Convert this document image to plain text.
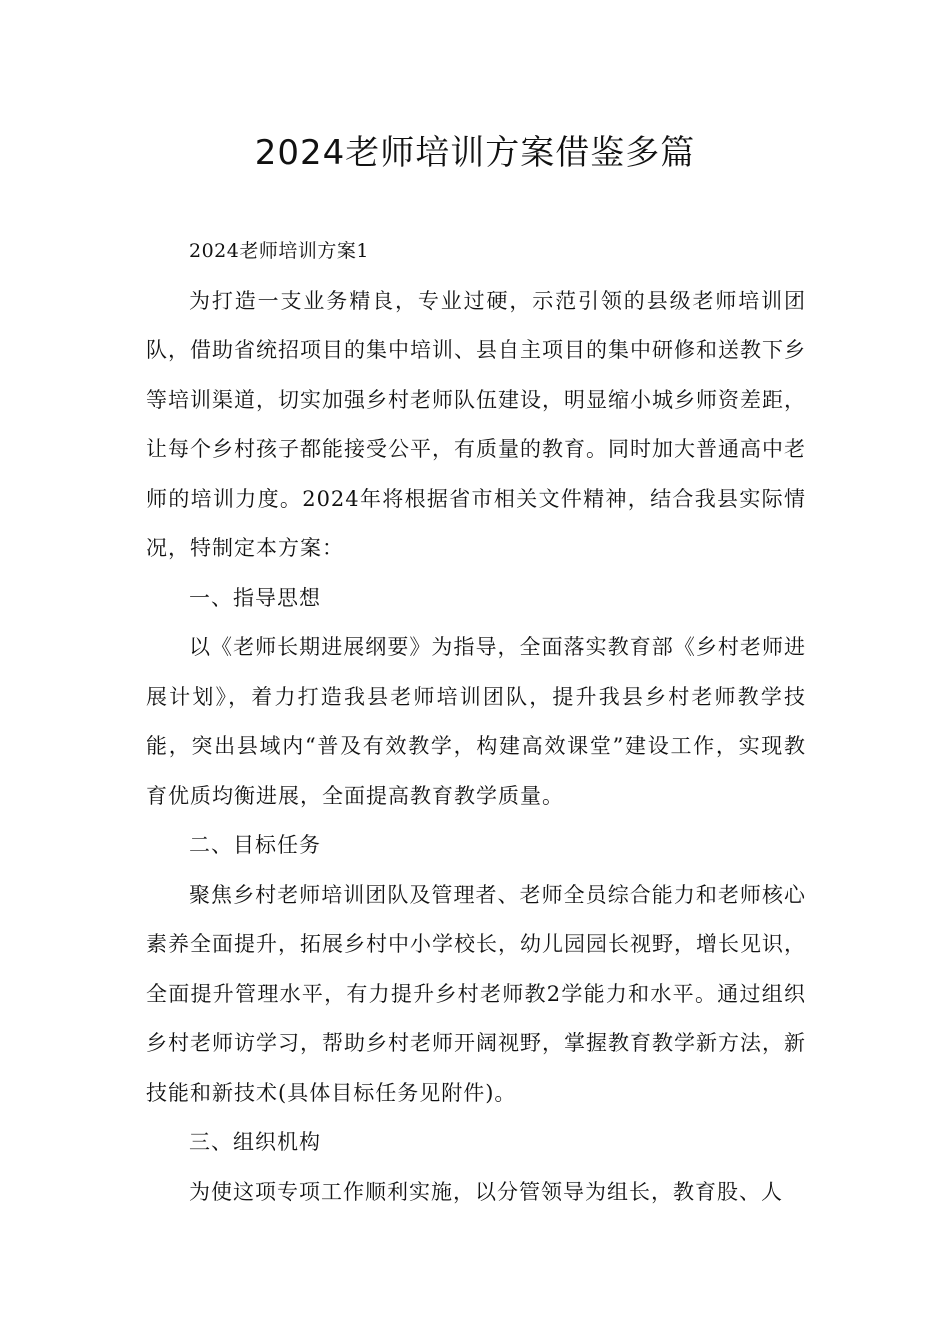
2024老师培训方案借鉴多篇

2024老师培训方案1

为打造一支业务精良，专业过硬，示范引领的县级老师培训团队，借助省统招项目的集中培训、县自主项目的集中研修和送教下乡等培训渠道，切实加强乡村老师队伍建设，明显缩小城乡师资差距，让每个乡村孩子都能接受公平，有质量的教育。同时加大普通高中老师的培训力度。2024年将根据省市相关文件精神，结合我县实际情况，特制定本方案：

一、指导思想

以《老师长期进展纲要》为指导，全面落实教育部《乡村老师进展计划》，着力打造我县老师培训团队，提升我县乡村老师教学技能，突出县域内“普及有效教学，构建高效课堂”建设工作，实现教育优质均衡进展，全面提高教育教学质量。

二、目标任务

聚焦乡村老师培训团队及管理者、老师全员综合能力和老师核心素养全面提升，拓展乡村中小学校长，幼儿园园长视野，增长见识，全面提升管理水平，有力提升乡村老师教2学能力和水平。通过组织乡村老师访学习，帮助乡村老师开阔视野，掌握教育教学新方法，新技能和新技术(具体目标任务见附件)。

三、组织机构

为使这项专项工作顺利实施，以分管领导为组长，教育股、人
